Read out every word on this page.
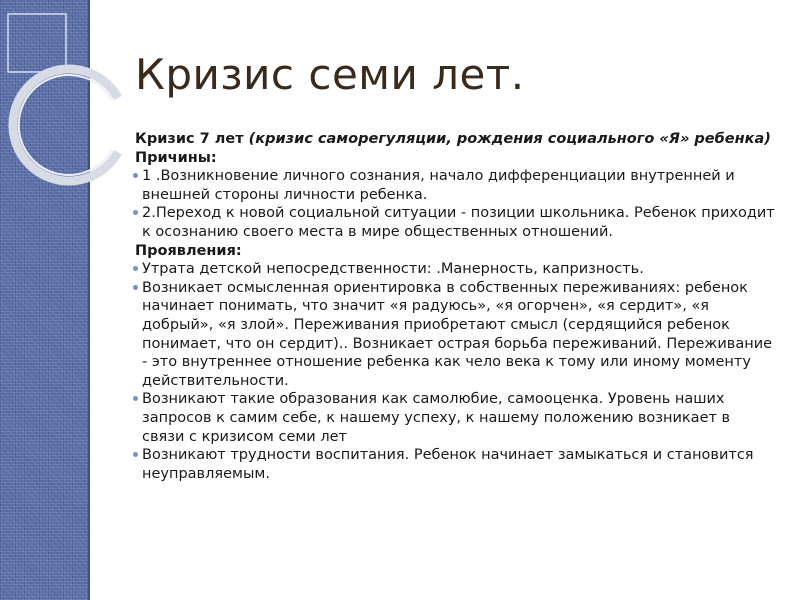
Кризис семи лет.

Кризис 7 лет (кризис саморегуляции, рождения социального «Я» ребенка)

Причины:

1 .Возникновение личного сознания, начало дифференциации внутренней и внешней стороны личности ребенка.
2.Переход к новой социальной ситуации - позиции школьника. Ребенок приходит к осознанию своего места в мире общественных отношений.

Проявления:

Утрата детской непосредственности: .Манерность, капризность.
Возникает осмысленная ориентировка в собственных переживаниях: ребенок начинает понимать, что значит «я радуюсь», «я огорчен», «я сердит», «я добрый», «я злой». Переживания приобретают смысл (сердящийся ребенок понимает, что он сердит).. Возникает острая борьба переживаний. Переживание - это внутреннее отношение ребенка как чело века к тому или иному моменту действительности.
Возникают такие образования как самолюбие, самооценка. Уровень наших запросов к самим себе, к нашему успеху, к нашему положению возникает в связи с кризисом семи лет
Возникают трудности воспитания. Ребенок начинает замыкаться и становится неуправляемым.
